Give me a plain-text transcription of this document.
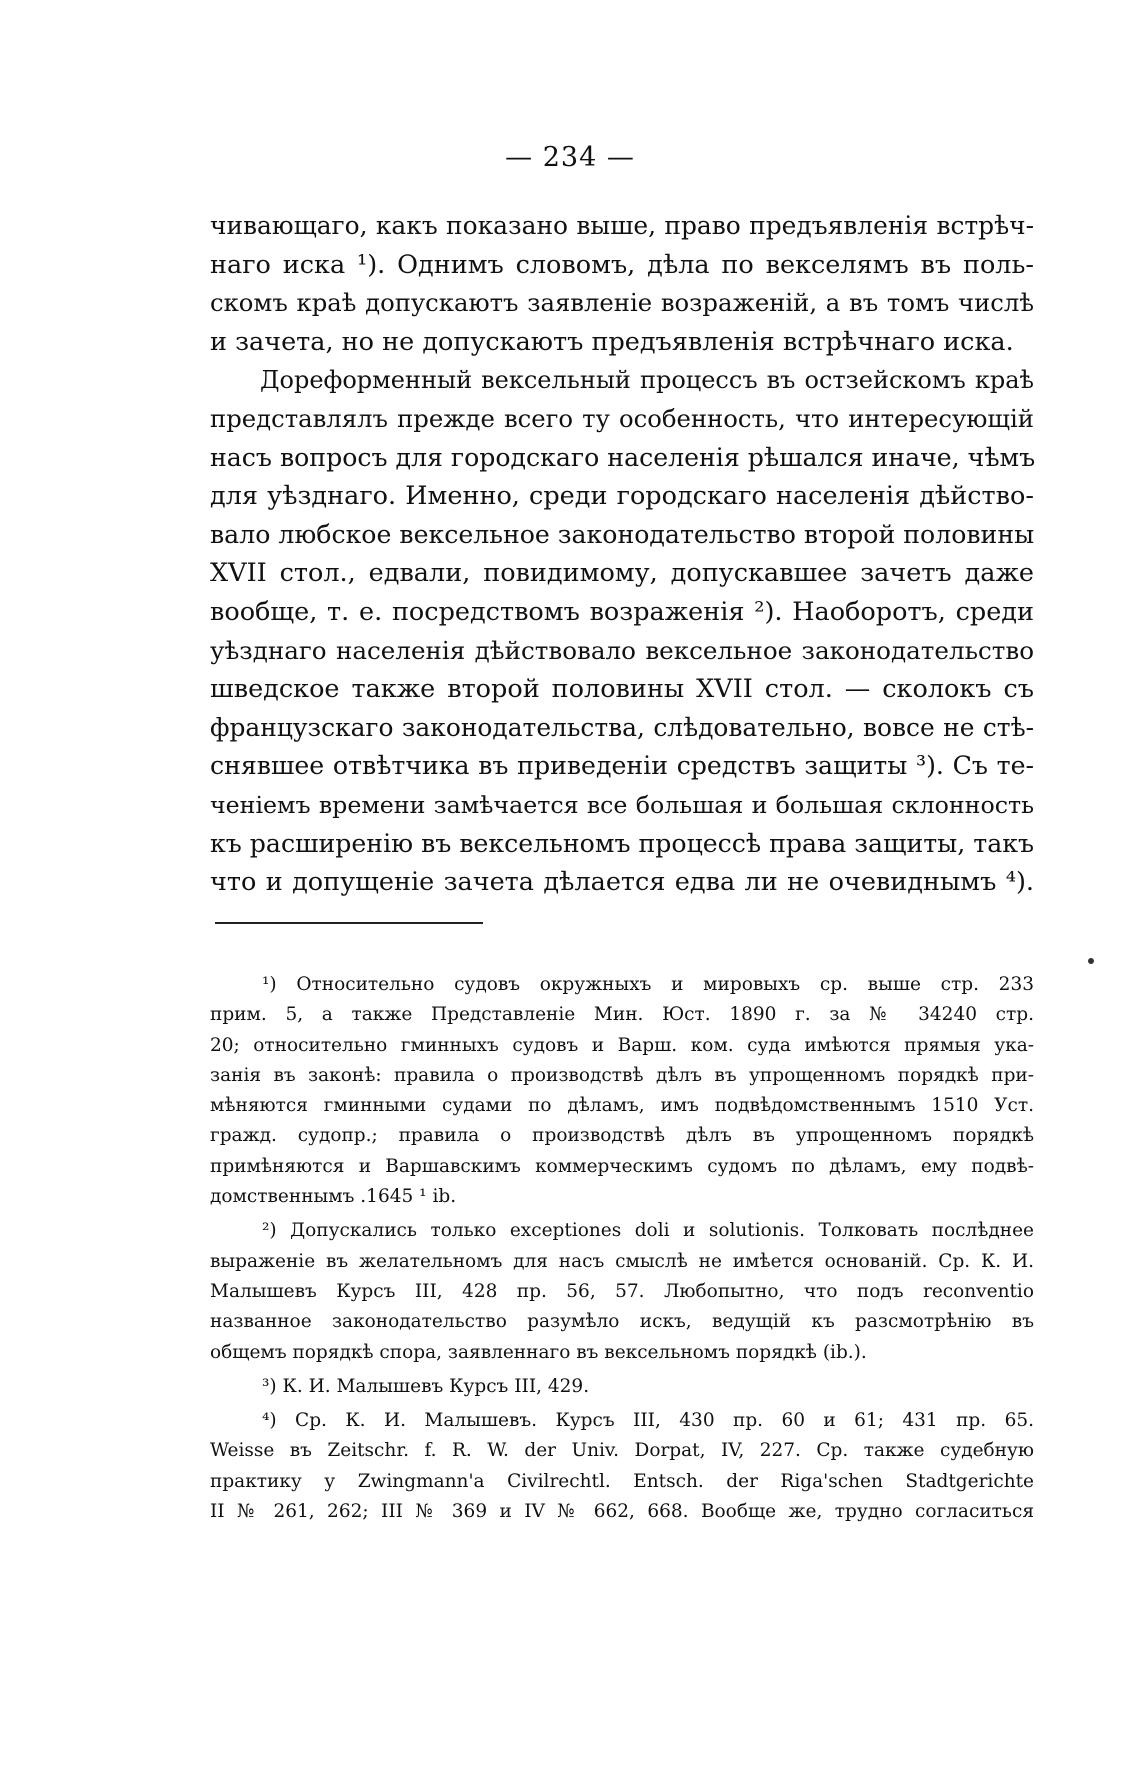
— 234 —
чивающаго, какъ показано выше, право предъявленія встрѣч-
наго иска ¹). Однимъ словомъ, дѣла по векселямъ въ поль-
скомъ краѣ допускаютъ заявленіе возраженій, а въ томъ числѣ
и зачета, но не допускаютъ предъявленія встрѣчнаго иска.
Дореформенный вексельный процессъ въ остзейскомъ краѣ
представлялъ прежде всего ту особенность, что интересующій
насъ вопросъ для городскаго населенія рѣшался иначе, чѣмъ
для уѣзднаго. Именно, среди городскаго населенія дѣйство-
вало любское вексельное законодательство второй половины
XVII стол., едвали, повидимому, допускавшее зачетъ даже
вообще, т. е. посредствомъ возраженія ²). Наоборотъ, среди
уѣзднаго населенія дѣйствовало вексельное законодательство
шведское также второй половины XVII стол. — сколокъ съ
французскаго законодательства, слѣдовательно, вовсе не стѣ-
снявшее отвѣтчика въ приведеніи средствъ защиты ³). Съ те-
ченіемъ времени замѣчается все большая и большая склонность
къ расширенію въ вексельномъ процессѣ права защиты, такъ
что и допущеніе зачета дѣлается едва ли не очевиднымъ ⁴).
¹) Относительно судовъ окружныхъ и мировыхъ ср. выше стр. 233
прим. 5, а также Представленіе Мин. Юст. 1890 г. за № 34240 стр.
20; относительно гминныхъ судовъ и Варш. ком. суда имѣются прямыя ука-
занія въ законѣ: правила о производствѣ дѣлъ въ упрощенномъ порядкѣ при-
мѣняются гминными судами по дѣламъ, имъ подвѣдомственнымъ 1510 Уст.
гражд. судопр.; правила о производствѣ дѣлъ въ упрощенномъ порядкѣ
примѣняются и Варшавскимъ коммерческимъ судомъ по дѣламъ, ему подвѣ-
домственнымъ .1645 ¹ ib.
²) Допускались только exceptiones doli и solutionis. Толковать послѣднее
выраженіе въ желательномъ для насъ смыслѣ не имѣется основаній. Ср. К. И.
Малышевъ Курсъ III, 428 пр. 56, 57. Любопытно, что подъ reconventio
названное законодательство разумѣло искъ, ведущій къ разсмотрѣнію въ
общемъ порядкѣ спора, заявленнаго въ вексельномъ порядкѣ (ib.).
³) К. И. Малышевъ Курсъ III, 429.
⁴) Ср. К. И. Малышевъ. Курсъ III, 430 пр. 60 и 61; 431 пр. 65.
Weisse въ Zeitschr. f. R. W. der Univ. Dorpat, IV, 227. Ср. также судебную
практику у Zwingmann'a Civilrechtl. Entsch. der Riga'schen Stadtgerichte
II № 261, 262; III № 369 и IV № 662, 668. Вообще же, трудно согласиться
